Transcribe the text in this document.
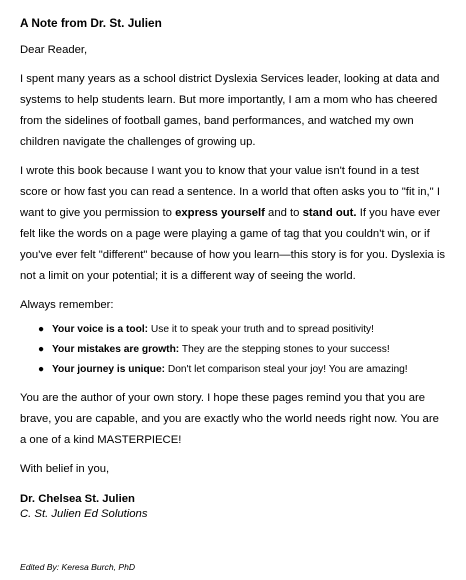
A Note from Dr. St. Julien

Dear Reader,

I spent many years as a school district Dyslexia Services leader, looking at data and systems to help students learn. But more importantly, I am a mom who has cheered from the sidelines of football games, band performances, and watched my own children navigate the challenges of growing up.

I wrote this book because I want you to know that your value isn't found in a test score or how fast you can read a sentence. In a world that often asks you to "fit in," I want to give you permission to express yourself and to stand out. If you have ever felt like the words on a page were playing a game of tag that you couldn't win, or if you've ever felt "different" because of how you learn—this story is for you. Dyslexia is not a limit on your potential; it is a different way of seeing the world.

Always remember:

● Your voice is a tool: Use it to speak your truth and to spread positivity!
● Your mistakes are growth: They are the stepping stones to your success!
● Your journey is unique: Don't let comparison steal your joy! You are amazing!

You are the author of your own story. I hope these pages remind you that you are brave, you are capable, and you are exactly who the world needs right now. You are a one of a kind MASTERPIECE!

With belief in you,

Dr. Chelsea St. Julien
C. St. Julien Ed Solutions
Edited By: Keresa Burch, PhD
